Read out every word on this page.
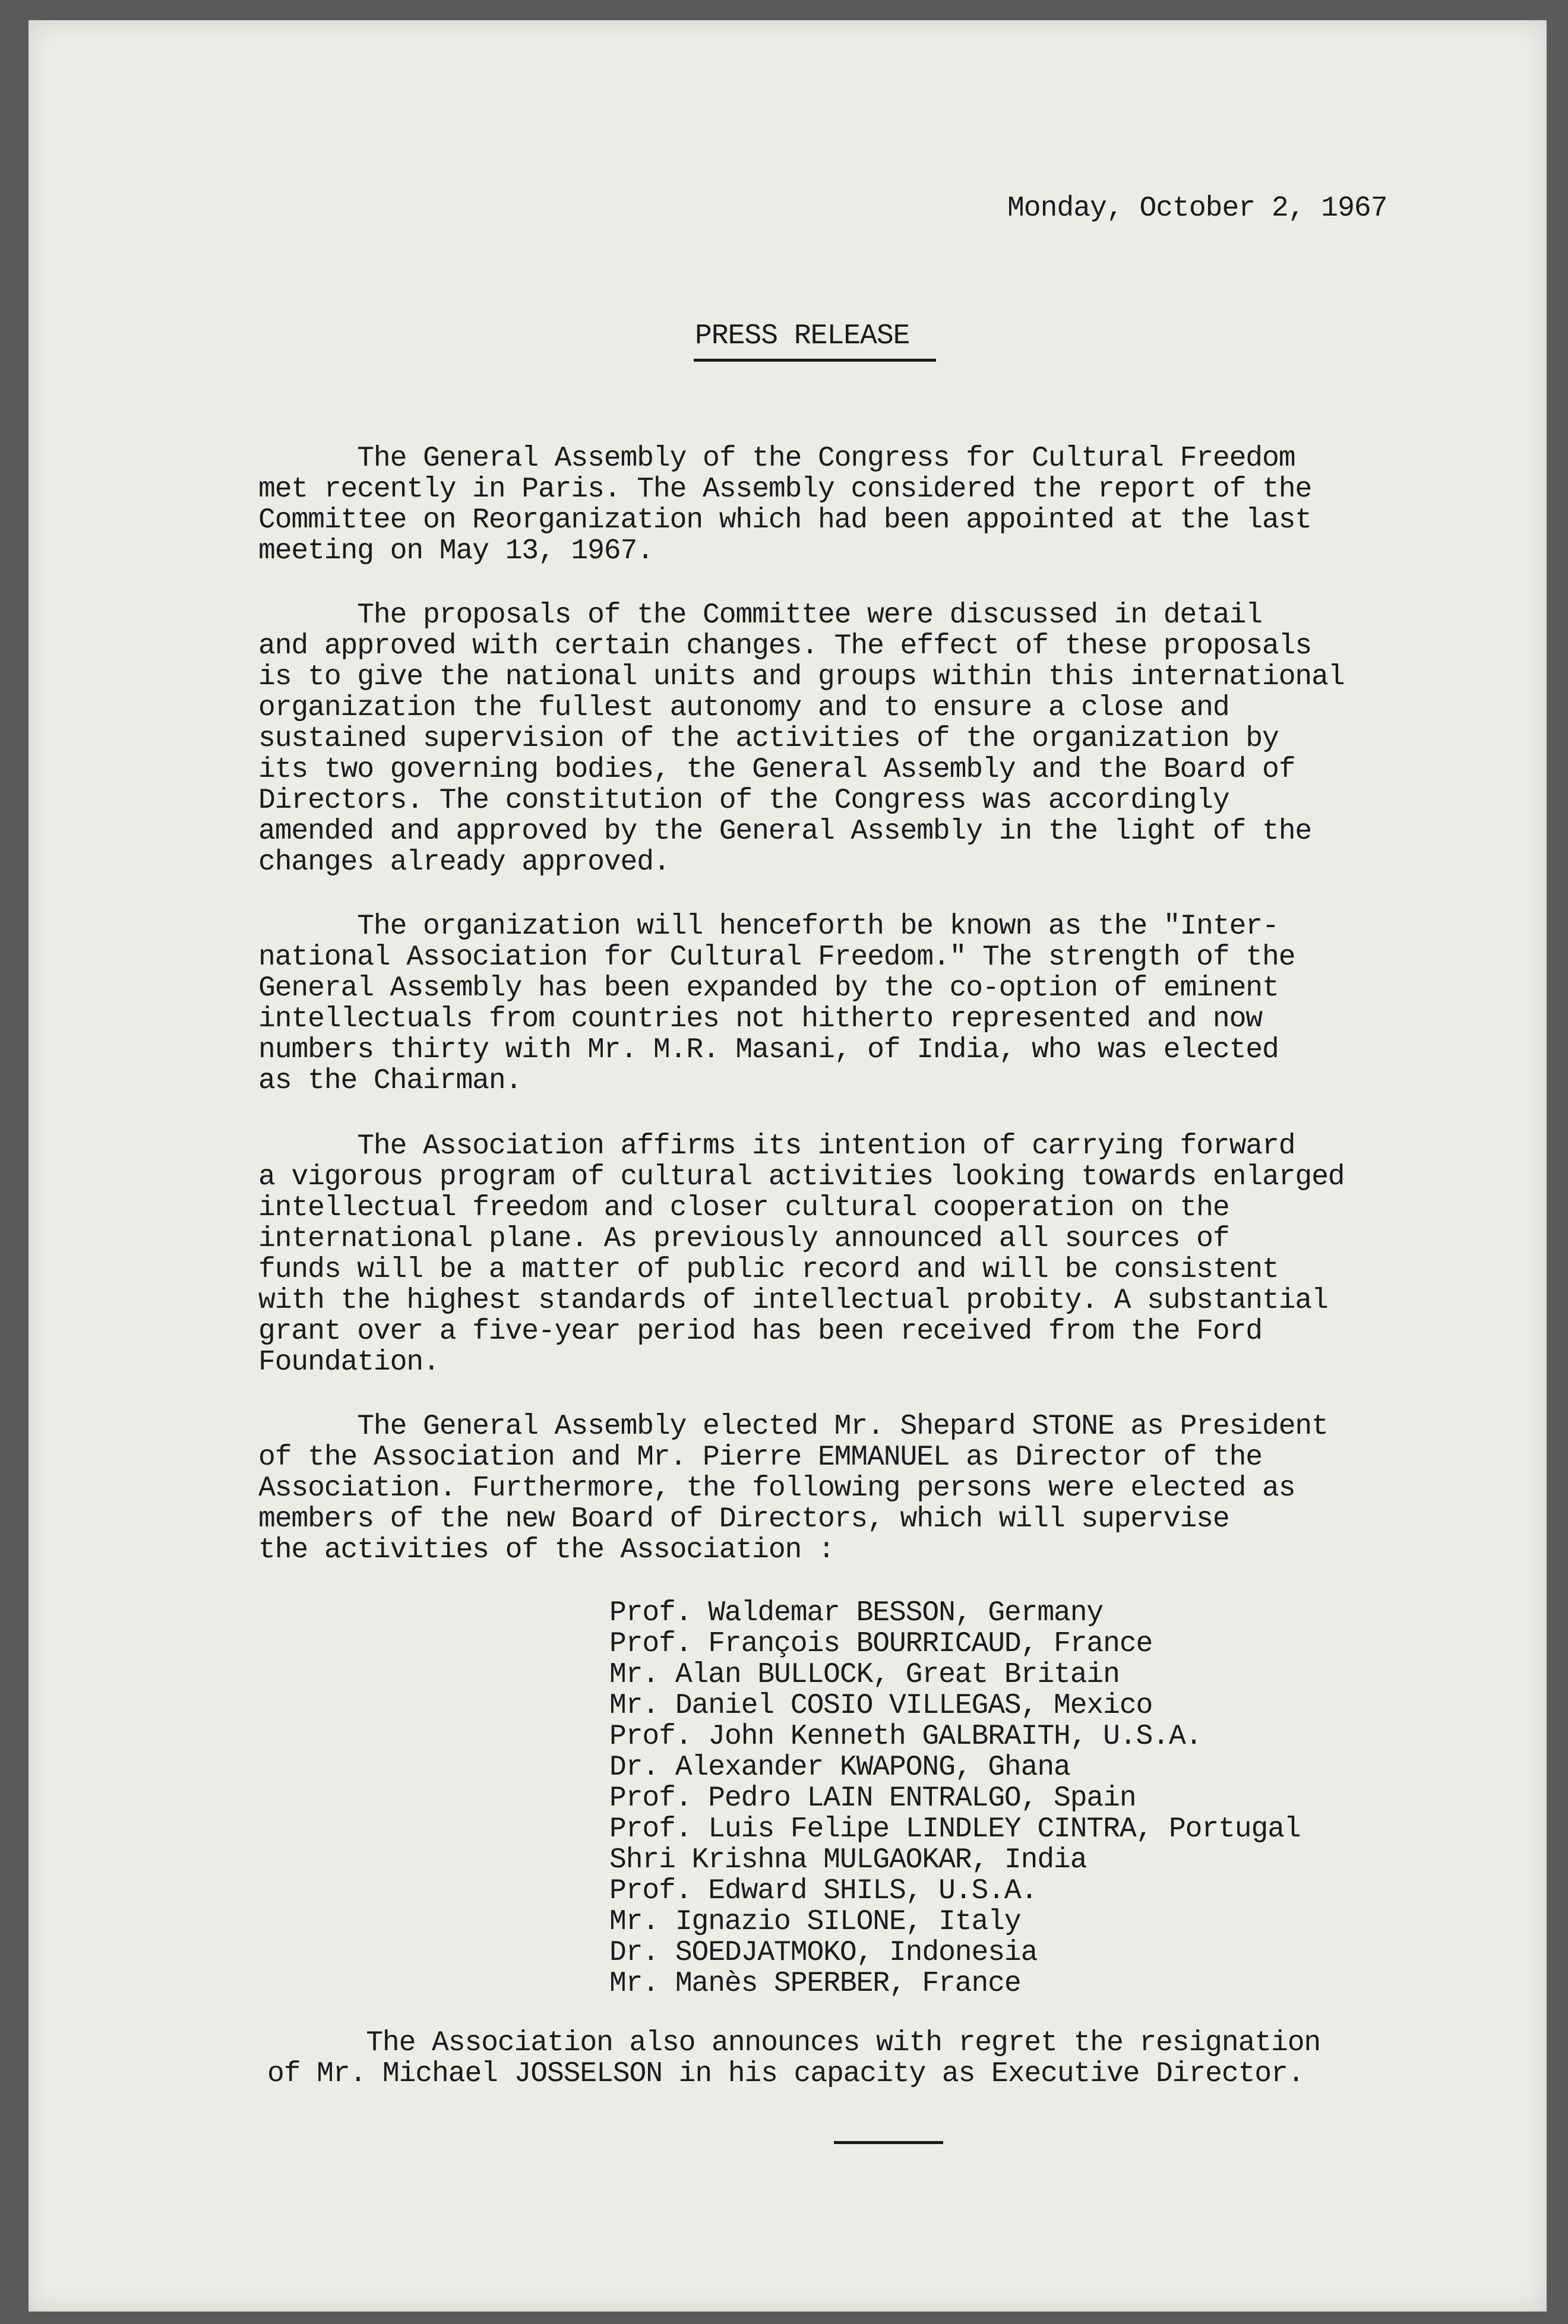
Monday, October 2, 1967
PRESS RELEASE
The General Assembly of the Congress for Cultural Freedom
met recently in Paris. The Assembly considered the report of the
Committee on Reorganization which had been appointed at the last
meeting on May 13, 1967.
The proposals of the Committee were discussed in detail
and approved with certain changes. The effect of these proposals
is to give the national units and groups within this international
organization the fullest autonomy and to ensure a close and
sustained supervision of the activities of the organization by
its two governing bodies, the General Assembly and the Board of
Directors. The constitution of the Congress was accordingly
amended and approved by the General Assembly in the light of the
changes already approved.
The organization will henceforth be known as the "Inter-
national Association for Cultural Freedom." The strength of the
General Assembly has been expanded by the co-option of eminent
intellectuals from countries not hitherto represented and now
numbers thirty with Mr. M.R. Masani, of India, who was elected
as the Chairman.
The Association affirms its intention of carrying forward
a vigorous program of cultural activities looking towards enlarged
intellectual freedom and closer cultural cooperation on the
international plane. As previously announced all sources of
funds will be a matter of public record and will be consistent
with the highest standards of intellectual probity. A substantial
grant over a five-year period has been received from the Ford
Foundation.
The General Assembly elected Mr. Shepard STONE as President
of the Association and Mr. Pierre EMMANUEL as Director of the
Association. Furthermore, the following persons were elected as
members of the new Board of Directors, which will supervise
the activities of the Association :
Prof. Waldemar BESSON, Germany
Prof. François BOURRICAUD, France
Mr. Alan BULLOCK, Great Britain
Mr. Daniel COSIO VILLEGAS, Mexico
Prof. John Kenneth GALBRAITH, U.S.A.
Dr. Alexander KWAPONG, Ghana
Prof. Pedro LAIN ENTRALGO, Spain
Prof. Luis Felipe LINDLEY CINTRA, Portugal
Shri Krishna MULGAOKAR, India
Prof. Edward SHILS, U.S.A.
Mr. Ignazio SILONE, Italy
Dr. SOEDJATMOKO, Indonesia
Mr. Manès SPERBER, France
The Association also announces with regret the resignation
of Mr. Michael JOSSELSON in his capacity as Executive Director.
